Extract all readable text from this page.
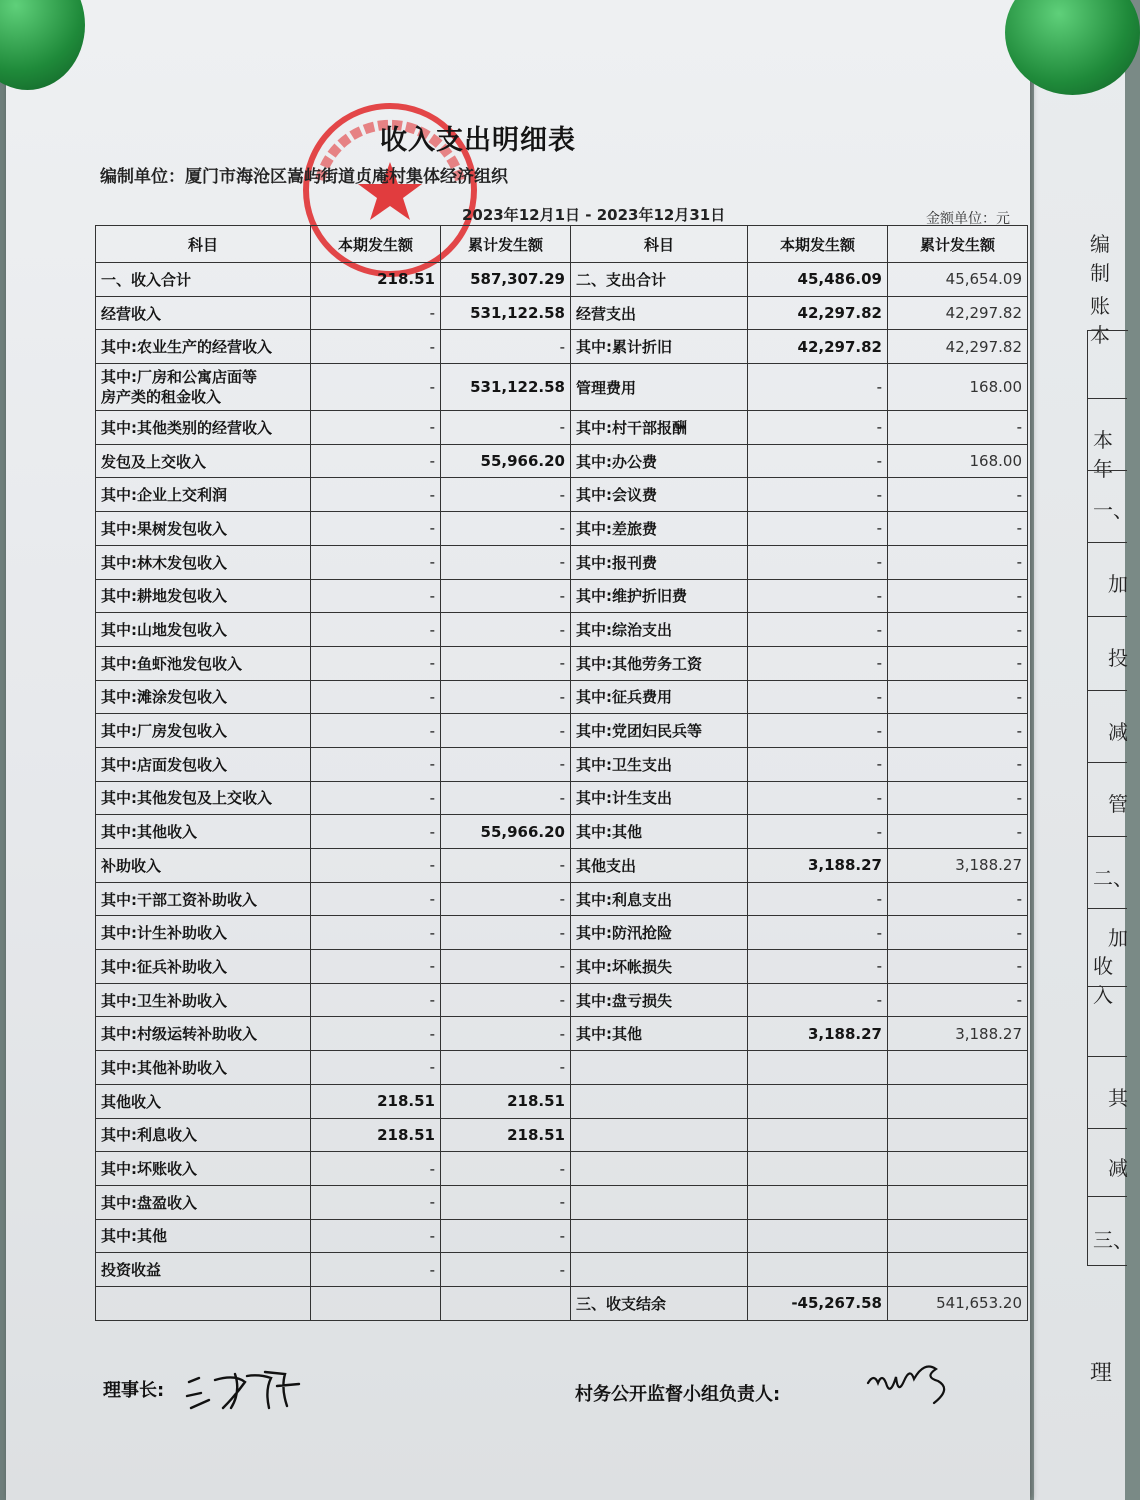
收入支出明细表
编制单位：厦门市海沧区嵩屿街道贞庵村集体经济组织
2023年12月1日 - 2023年12月31日	金额单位：元
科目	本期发生额	累计发生额	科目	本期发生额	累计发生额
一、收入合计	218.51	587,307.29	二、支出合计	45,486.09	45,654.09
经营收入	-	531,122.58	经营支出	42,297.82	42,297.82
其中:农业生产的经营收入	-	-	其中:累计折旧	42,297.82	42,297.82
其中:厂房和公寓店面等
房产类的租金收入	-	531,122.58	管理费用	-	168.00
其中:其他类别的经营收入	-	-	其中:村干部报酬	-	-
发包及上交收入	-	55,966.20	其中:办公费	-	168.00
其中:企业上交利润	-	-	其中:会议费	-	-
其中:果树发包收入	-	-	其中:差旅费	-	-
其中:林木发包收入	-	-	其中:报刊费	-	-
其中:耕地发包收入	-	-	其中:维护折旧费	-	-
其中:山地发包收入	-	-	其中:综治支出	-	-
其中:鱼虾池发包收入	-	-	其中:其他劳务工资	-	-
其中:滩涂发包收入	-	-	其中:征兵费用	-	-
其中:厂房发包收入	-	-	其中:党团妇民兵等	-	-
其中:店面发包收入	-	-	其中:卫生支出	-	-
其中:其他发包及上交收入	-	-	其中:计生支出	-	-
其中:其他收入	-	55,966.20	其中:其他	-	-
补助收入	-	-	其他支出	3,188.27	3,188.27
其中:干部工资补助收入	-	-	其中:利息支出	-	-
其中:计生补助收入	-	-	其中:防汛抢险	-	-
其中:征兵补助收入	-	-	其中:坏帐损失	-	-
其中:卫生补助收入	-	-	其中:盘亏损失	-	-
其中:村级运转补助收入	-	-	其中:其他	3,188.27	3,188.27
其中:其他补助收入	-	-			
其他收入	218.51	218.51			
其中:利息收入	218.51	218.51			
其中:坏账收入	-	-			
其中:盘盈收入	-	-			
其中:其他	-	-			
投资收益	-	-			
			三、收支结余	-45,267.58	541,653.20
理事长:	村务公开监督小组负责人:
编制
账本
本年
一、
加
投
减
管
二、
加
收入
其
减
三、
理
